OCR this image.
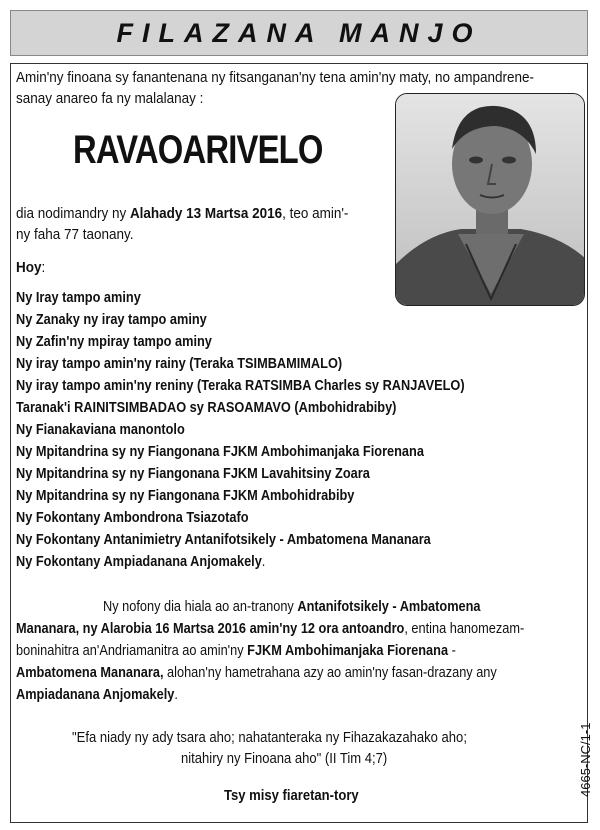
FILAZANA MANJO
Amin'ny finoana sy fanantenana ny fitsanganan'ny tena amin'ny maty, no ampandrene-
sanay anareo fa ny malalanay :
RAVAOARIVELO
dia nodimandry ny Alahady 13 Martsa 2016, teo amin'-
ny faha 77 taonany.
Hoy:
Ny Iray tampo aminy
Ny Zanaky ny iray tampo aminy
Ny Zafin'ny mpiray tampo aminy
Ny iray tampo amin'ny rainy (Teraka TSIMBAMIMALO)
Ny iray tampo amin'ny reniny (Teraka RATSIMBA Charles sy RANJAVELO)
Taranak'i RAINITSIMBADAO sy RASOAMAVO (Ambohidrabiby)
Ny Fianakaviana manontolo
Ny Mpitandrina sy ny Fiangonana FJKM Ambohimanjaka Fiorenana
Ny Mpitandrina sy ny Fiangonana FJKM Lavahitsiny Zoara
Ny Mpitandrina sy ny Fiangonana FJKM Ambohidrabiby
Ny Fokontany Ambondrona Tsiazotafo
Ny Fokontany Antanimietry Antanifotsikely - Ambatomena Mananara
Ny Fokontany Ampiadanana Anjomakely.
Ny nofony dia hiala ao an-tranony Antanifotsikely - Ambatomena
Mananara, ny Alarobia 16 Martsa 2016 amin'ny 12 ora antoandro, entina hanomezam-
boninahitra an'Andriamanitra ao amin'ny FJKM Ambohimanjaka Fiorenana -
Ambatomena Mananara, alohan'ny hametrahana azy ao amin'ny fasan-drazany any
Ampiadanana Anjomakely.
"Efa niady ny ady tsara aho; nahatanteraka ny Fihazakazahako aho;
nitahiry ny Finoana aho" (II Tim 4;7)
Tsy misy fiaretan-tory	4665-NC/1-1
